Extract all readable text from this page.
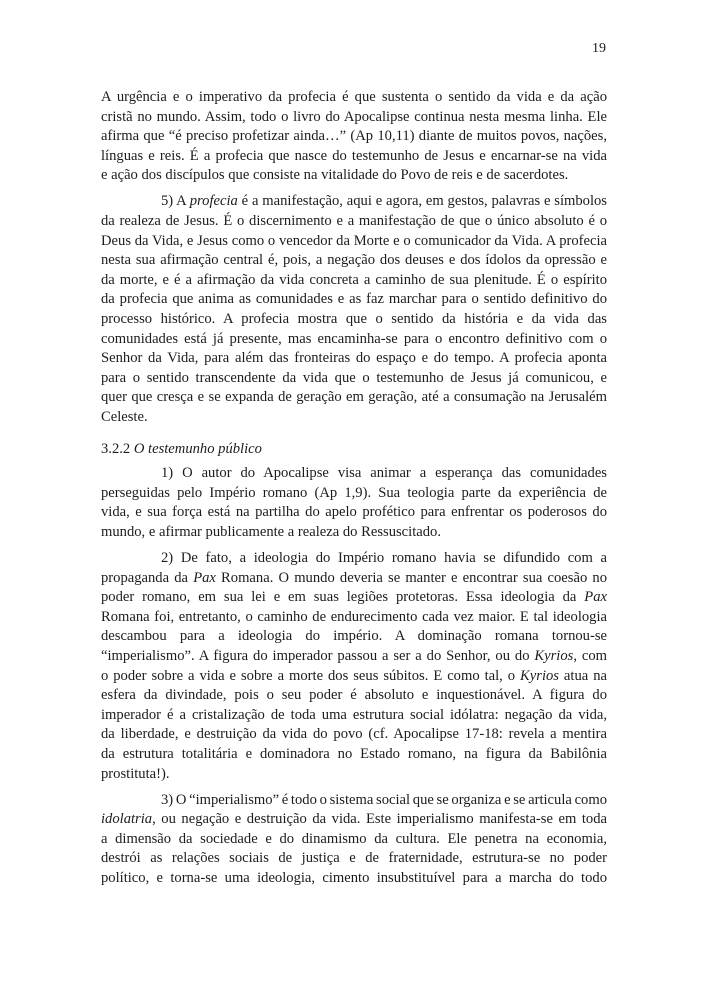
19
A urgência e o imperativo da profecia é que sustenta o sentido da vida e da ação
cristã no mundo. Assim, todo o livro do Apocalipse continua nesta mesma linha. Ele
afirma que “é preciso profetizar ainda…” (Ap 10,11) diante de muitos povos, nações,
línguas e reis. É a profecia que nasce do testemunho de Jesus e encarnar-se na vida
e ação dos discípulos que consiste na vitalidade do Povo de reis e de sacerdotes.
5) A profecia é a manifestação, aqui e agora, em gestos, palavras e símbolos
da realeza de Jesus. É o discernimento e a manifestação de que o único absoluto é o
Deus da Vida, e Jesus como o vencedor da Morte e o comunicador da Vida. A profecia
nesta sua afirmação central é, pois, a negação dos deuses e dos ídolos da opressão e
da morte, e é a afirmação da vida concreta a caminho de sua plenitude. É o espírito
da profecia que anima as comunidades e as faz marchar para o sentido definitivo do
processo histórico. A profecia mostra que o sentido da história e da vida das
comunidades está já presente, mas encaminha-se para o encontro definitivo com o
Senhor da Vida, para além das fronteiras do espaço e do tempo. A profecia aponta
para o sentido transcendente da vida que o testemunho de Jesus já comunicou, e
quer que cresça e se expanda de geração em geração, até a consumação na Jerusalém
Celeste.
3.2.2 O testemunho público
1) O autor do Apocalipse visa animar a esperança das comunidades
perseguidas pelo Império romano (Ap 1,9). Sua teologia parte da experiência de
vida, e sua força está na partilha do apelo profético para enfrentar os poderosos do
mundo, e afirmar publicamente a realeza do Ressuscitado.
2) De fato, a ideologia do Império romano havia se difundido com a
propaganda da Pax Romana. O mundo deveria se manter e encontrar sua coesão no
poder romano, em sua lei e em suas legiões protetoras. Essa ideologia da Pax
Romana foi, entretanto, o caminho de endurecimento cada vez maior. E tal ideologia
descambou para a ideologia do império. A dominação romana tornou-se
“imperialismo”. A figura do imperador passou a ser a do Senhor, ou do Kyrios, com
o poder sobre a vida e sobre a morte dos seus súbitos. E como tal, o Kyrios atua na
esfera da divindade, pois o seu poder é absoluto e inquestionável. A figura do
imperador é a cristalização de toda uma estrutura social idólatra: negação da vida,
da liberdade, e destruição da vida do povo (cf. Apocalipse 17-18: revela a mentira
da estrutura totalitária e dominadora no Estado romano, na figura da Babilônia
prostituta!).
3) O “imperialismo” é todo o sistema social que se organiza e se articula como
idolatria, ou negação e destruição da vida. Este imperialismo manifesta-se em toda
a dimensão da sociedade e do dinamismo da cultura. Ele penetra na economia,
destrói as relações sociais de justiça e de fraternidade, estrutura-se no poder
político, e torna-se uma ideologia, cimento insubstituível para a marcha do todo
